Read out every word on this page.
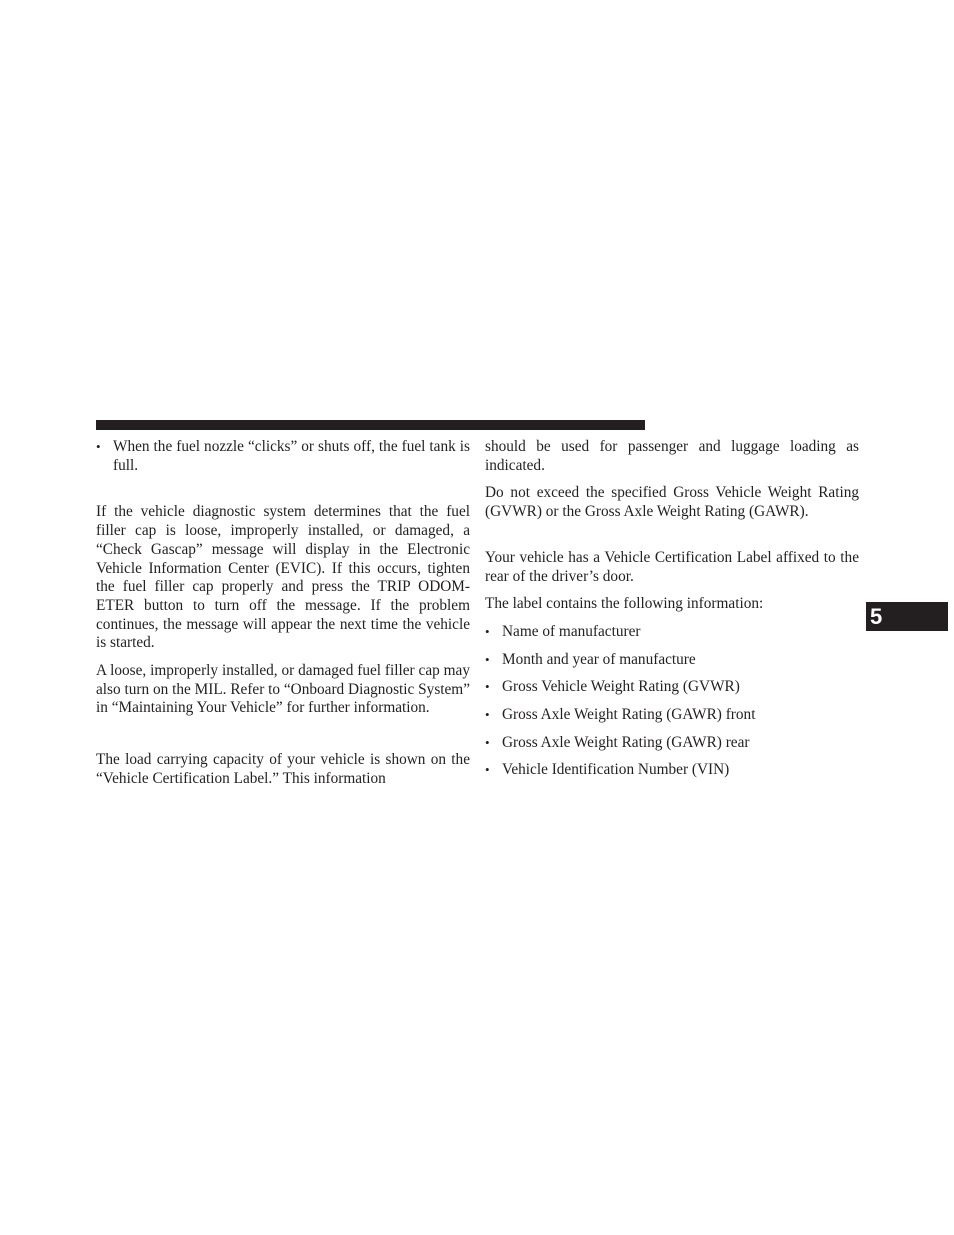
• When the fuel nozzle “clicks” or shuts off, the fuel tank is full.

If the vehicle diagnostic system determines that the fuel filler cap is loose, improperly installed, or damaged, a “Check Gascap” message will display in the Electronic Vehicle Information Center (EVIC). If this occurs, tighten the fuel filler cap properly and press the TRIP ODOM-ETER button to turn off the message. If the problem continues, the message will appear the next time the vehicle is started.

A loose, improperly installed, or damaged fuel filler cap may also turn on the MIL. Refer to “Onboard Diagnostic System” in “Maintaining Your Vehicle” for further information.

The load carrying capacity of your vehicle is shown on the “Vehicle Certification Label.” This information

should be used for passenger and luggage loading as indicated.

Do not exceed the specified Gross Vehicle Weight Rating (GVWR) or the Gross Axle Weight Rating (GAWR).

Your vehicle has a Vehicle Certification Label affixed to the rear of the driver’s door.

The label contains the following information:

• Name of manufacturer
• Month and year of manufacture
• Gross Vehicle Weight Rating (GVWR)
• Gross Axle Weight Rating (GAWR) front
• Gross Axle Weight Rating (GAWR) rear
• Vehicle Identification Number (VIN)
5
